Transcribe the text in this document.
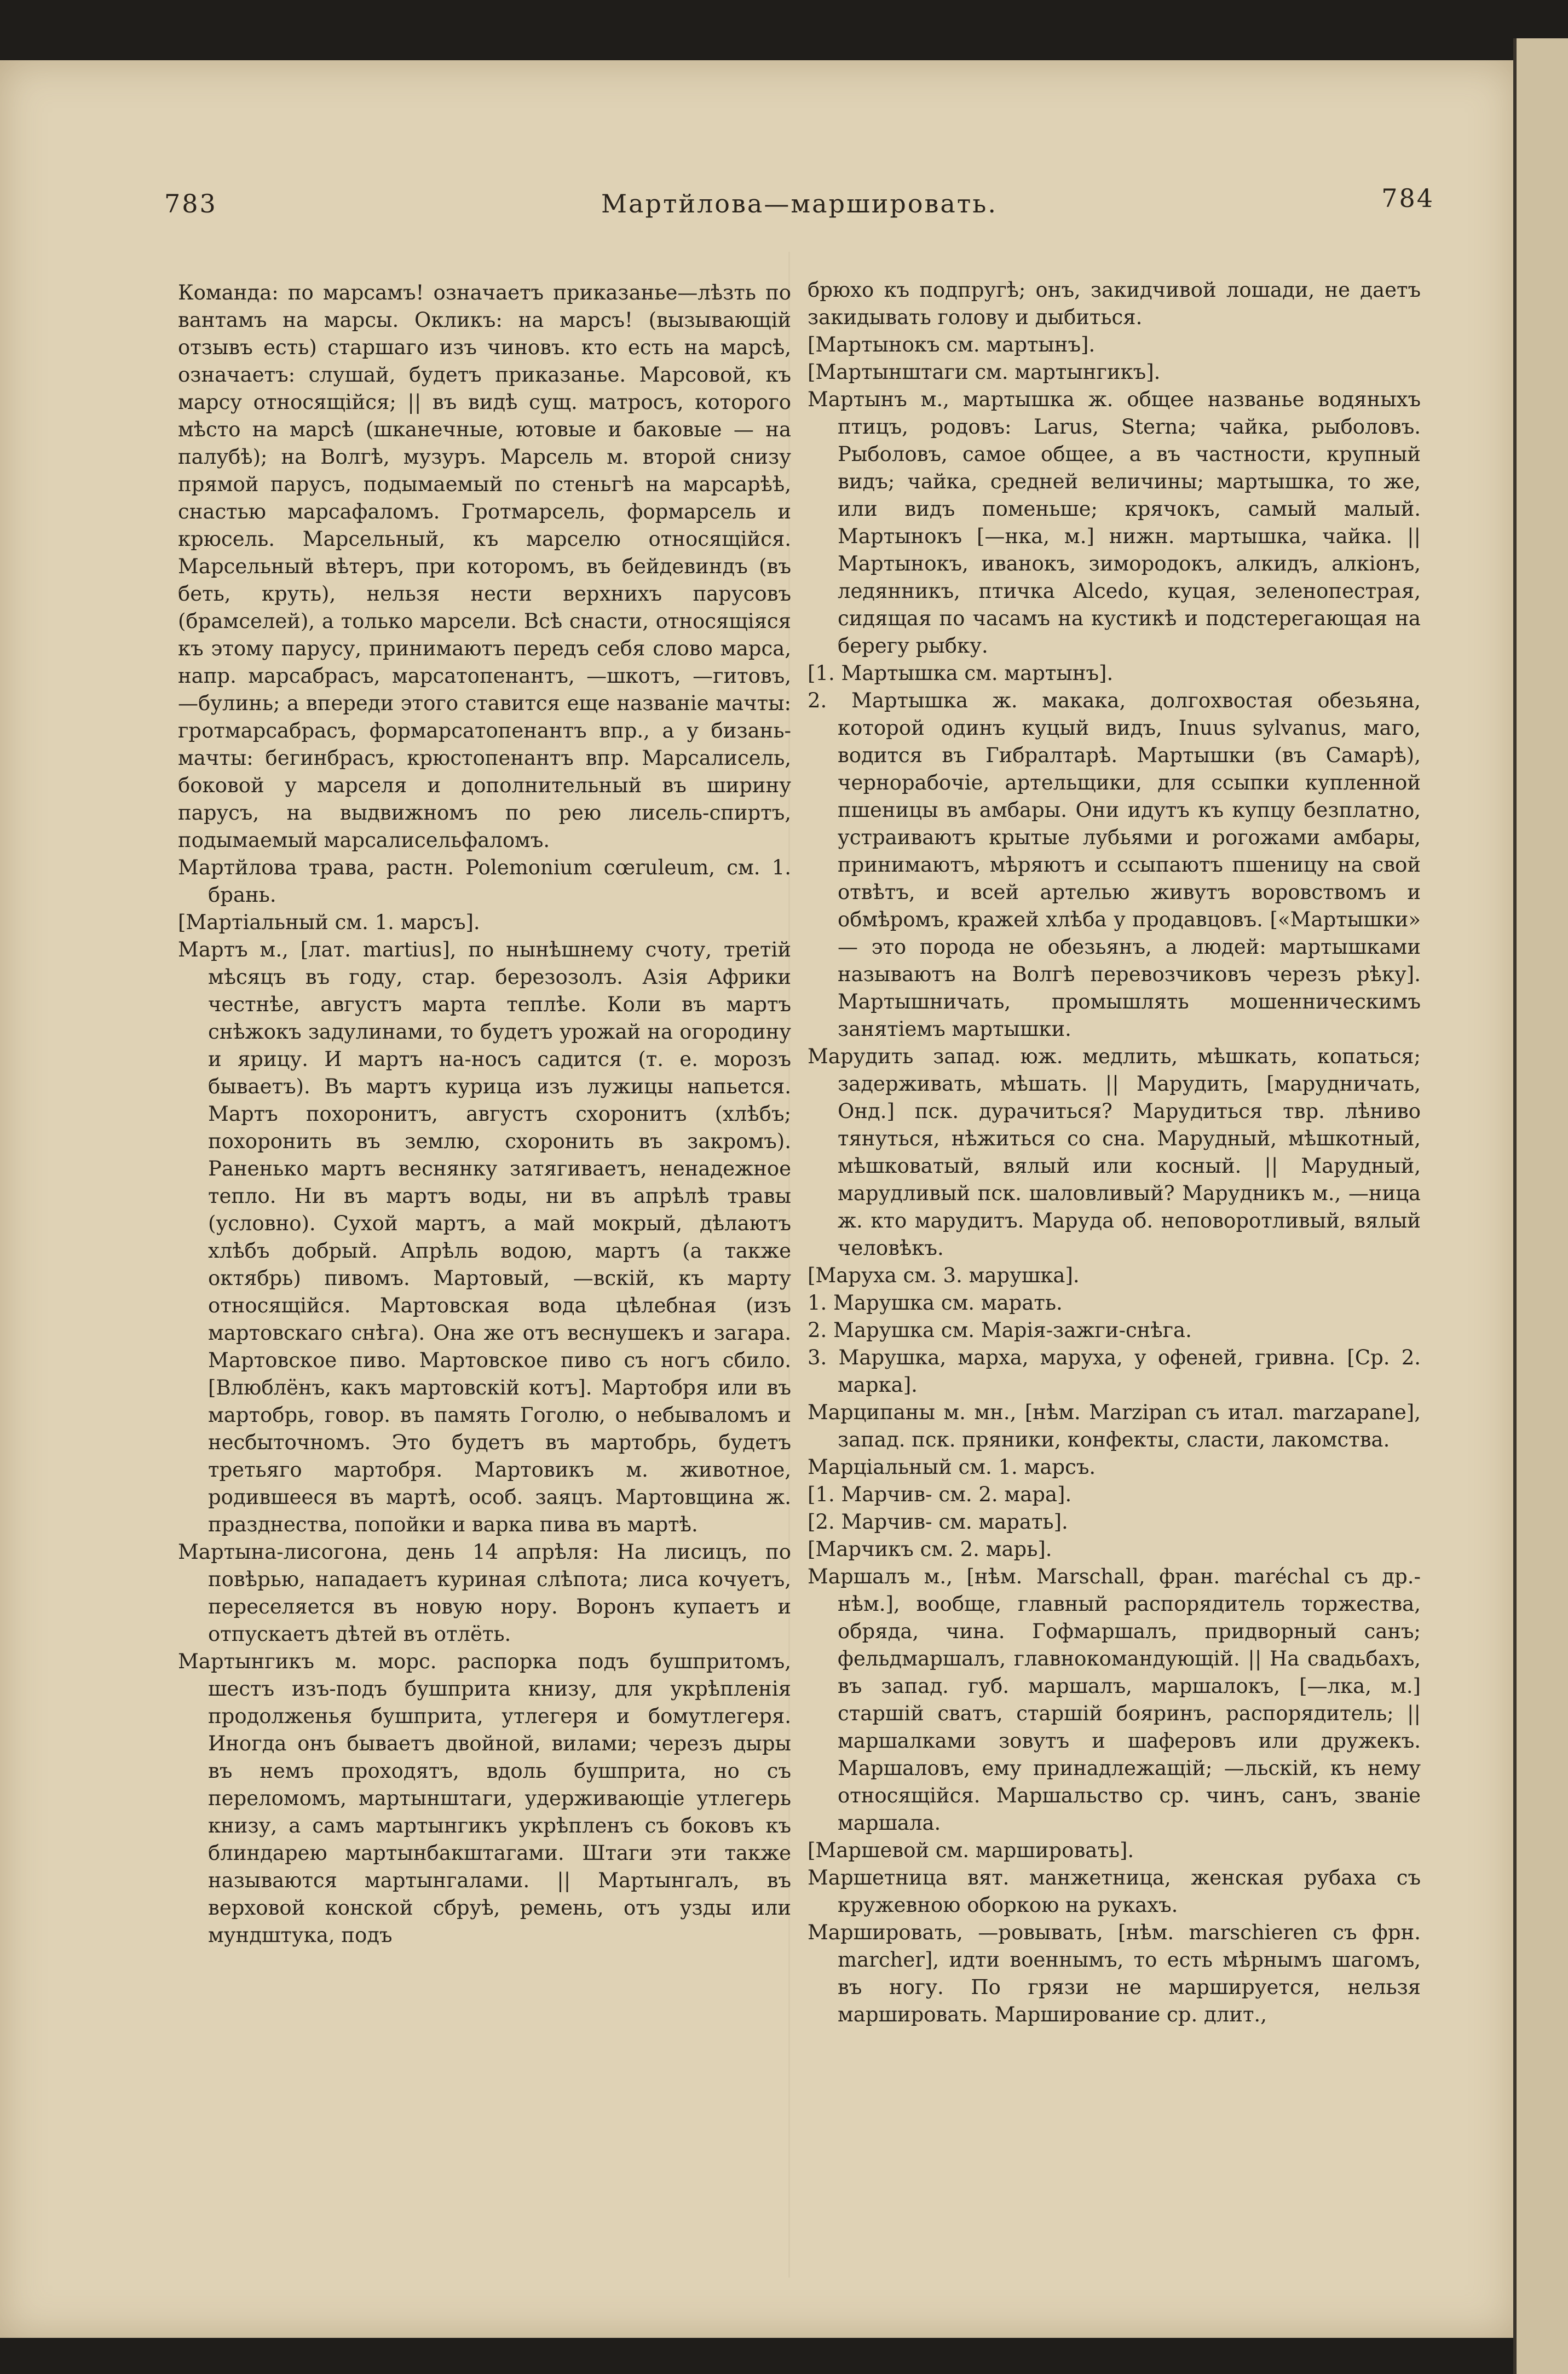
783	Мартйлова—маршировать.	784

Команда: по марсамъ! означаетъ приказанье—лѣзть по вантамъ на марсы. Окликъ: на марсъ! (вызывающій отзывъ есть) старшаго изъ чиновъ. кто есть на марсѣ, означаетъ: слушай, будетъ приказанье. Марсовой, къ марсу относящійся; || въ видѣ сущ. матросъ, которого мѣсто на марсѣ (шканечные, ютовые и баковые — на палубѣ); на Волгѣ, музуръ. Марсель м. второй снизу прямой парусъ, подымаемый по стеньгѣ на марсарѣѣ, снастью марсафаломъ. Гротмарсель, формарсель и крюсель. Марсельный, къ марселю относящійся. Марсельный вѣтеръ, при которомъ, въ бейдевиндъ (въ беть, круть), нельзя нести верхнихъ парусовъ (брамселей), а только марсели. Всѣ снасти, относящіяся къ этому парусу, принимаютъ передъ себя слово марса, напр. марсабрасъ, марсатопенантъ, —шкотъ, —гитовъ, —булинь; а впереди этого ставится еще названіе мачты: гротмарсабрасъ, формарсатопенантъ впр., а у бизань-мачты: бегинбрасъ, крюстопенантъ впр. Марсалисель, боковой у марселя и дополнительный въ ширину парусъ, на выдвижномъ по рею лисель-спиртъ, подымаемый марсалисельфаломъ.

Мартйлова трава, растн. Polemonium cœruleum, см. 1. брань.

[Мартіальный см. 1. марсъ].

Мартъ м., [лат. martius], по нынѣшнему счоту, третій мѣсяцъ въ году, стар. березозолъ. Азія Африки честнѣе, августъ марта теплѣе. Коли въ мартъ снѣжокъ задулинами, то будетъ урожай на огородину и ярицу. И мартъ на-носъ садится (т. е. морозъ бываетъ). Въ мартъ курица изъ лужицы напьется. Мартъ похоронитъ, августъ схоронитъ (хлѣбъ; похоронить въ землю, схоронить въ закромъ). Раненько мартъ веснянку затягиваетъ, ненадежное тепло. Ни въ мартъ воды, ни въ апрѣлѣ травы (условно). Сухой мартъ, а май мокрый, дѣлаютъ хлѣбъ добрый. Апрѣль водою, мартъ (а также октябрь) пивомъ. Мартовый, —вскій, къ марту относящійся. Мартовская вода цѣлебная (изъ мартовскаго снѣга). Она же отъ веснушекъ и загара. Мартовское пиво. Мартовское пиво съ ногъ сбило. [Влюблёнъ, какъ мартовскій котъ]. Мартобря или въ мартобрь, говор. въ память Гоголю, о небываломъ и несбыточномъ. Это будетъ въ мартобрь, будетъ третьяго мартобря. Мартовикъ м. животное, родившееся въ мартѣ, особ. заяцъ. Мартовщина ж. празднества, попойки и варка пива въ мартѣ.

Мартына-лисогона, день 14 апрѣля: На лисицъ, по повѣрью, нападаетъ куриная слѣпота; лиса кочуетъ, переселяется въ новую нору. Воронъ купаетъ и отпускаетъ дѣтей въ отлёть.

Мартынгикъ м. морс. распорка подъ бушпритомъ, шестъ изъ-подъ бушприта книзу, для укрѣпленія продолженья бушприта, утлегеря и бомутлегеря. Иногда онъ бываетъ двойной, вилами; черезъ дыры въ немъ проходятъ, вдоль бушприта, но съ переломомъ, мартынштаги, удерживающіе утлегерь книзу, а самъ мартынгикъ укрѣпленъ съ боковъ къ блиндарею мартынбакштагами. Штаги эти также называются мартынгалами. || Мартынгалъ, въ верховой конской сбруѣ, ремень, отъ узды или мундштука, подъ

брюхо къ подпругѣ; онъ, закидчивой лошади, не даетъ закидывать голову и дыбиться.

[Мартынокъ см. мартынъ].

[Мартынштаги см. мартынгикъ].

Мартынъ м., мартышка ж. общее названье водяныхъ птицъ, родовъ: Larus, Sterna; чайка, рыболовъ. Рыболовъ, самое общее, а въ частности, крупный видъ; чайка, средней величины; мартышка, то же, или видъ поменьше; крячокъ, самый малый. Мартынокъ [—нка, м.] нижн. мартышка, чайка. || Мартынокъ, иванокъ, зимородокъ, алкидъ, алкіонъ, ледянникъ, птичка Alcedo, куцая, зеленопестрая, сидящая по часамъ на кустикѣ и подстерегающая на берегу рыбку.

[1. Мартышка см. мартынъ].

2. Мартышка ж. макака, долгохвостая обезьяна, которой одинъ куцый видъ, Inuus sylvanus, маго, водится въ Гибралтарѣ. Мартышки (въ Самарѣ), чернорабочіе, артельщики, для ссыпки купленной пшеницы въ амбары. Они идутъ къ купцу безплатно, устраиваютъ крытые лубьями и рогожами амбары, принимаютъ, мѣряютъ и ссыпаютъ пшеницу на свой отвѣтъ, и всей артелью живутъ воровствомъ и обмѣромъ, кражей хлѣба у продавцовъ. [«Мартышки» — это порода не обезьянъ, а людей: мартышками называютъ на Волгѣ перевозчиковъ черезъ рѣку]. Мартышничать, промышлять мошенническимъ занятіемъ мартышки.

Марудить запад. юж. медлить, мѣшкать, копаться; задерживать, мѣшать. || Марудить, [марудничать, Онд.] пск. дурачиться? Марудиться твр. лѣниво тянуться, нѣжиться со сна. Марудный, мѣшкотный, мѣшковатый, вялый или косный. || Марудный, марудливый пск. шаловливый? Марудникъ м., —ница ж. кто марудитъ. Маруда об. неповоротливый, вялый человѣкъ.

[Маруха см. 3. марушка].

1. Марушка см. марать.

2. Марушка см. Марія-зажги-снѣга.

3. Марушка, марха, маруха, у офеней, гривна. [Ср. 2. марка].

Марципаны м. мн., [нѣм. Marzipan съ итал. marzapane], запад. пск. пряники, конфекты, сласти, лакомства.

Марціальный см. 1. марсъ.

[1. Марчив- см. 2. мара].

[2. Марчив- см. марать].

[Марчикъ см. 2. марь].

Маршалъ м., [нѣм. Marschall, фран. maréchal съ др.-нѣм.], вообще, главный распорядитель торжества, обряда, чина. Гофмаршалъ, придворный санъ; фельдмаршалъ, главнокомандующій. || На свадьбахъ, въ запад. губ. маршалъ, маршалокъ, [—лка, м.] старшій сватъ, старшій бояринъ, распорядитель; || маршалками зовутъ и шаферовъ или дружекъ. Маршаловъ, ему принадлежащій; —льскій, къ нему относящійся. Маршальство ср. чинъ, санъ, званіе маршала.

[Маршевой см. маршировать].

Маршетница вят. манжетница, женская рубаха съ кружевною оборкою на рукахъ.

Маршировать, —ровывать, [нѣм. marschieren съ фрн. marcher], идти военнымъ, то есть мѣрнымъ шагомъ, въ ногу. По грязи не маршируется, нельзя маршировать. Марширование ср. длит.,
